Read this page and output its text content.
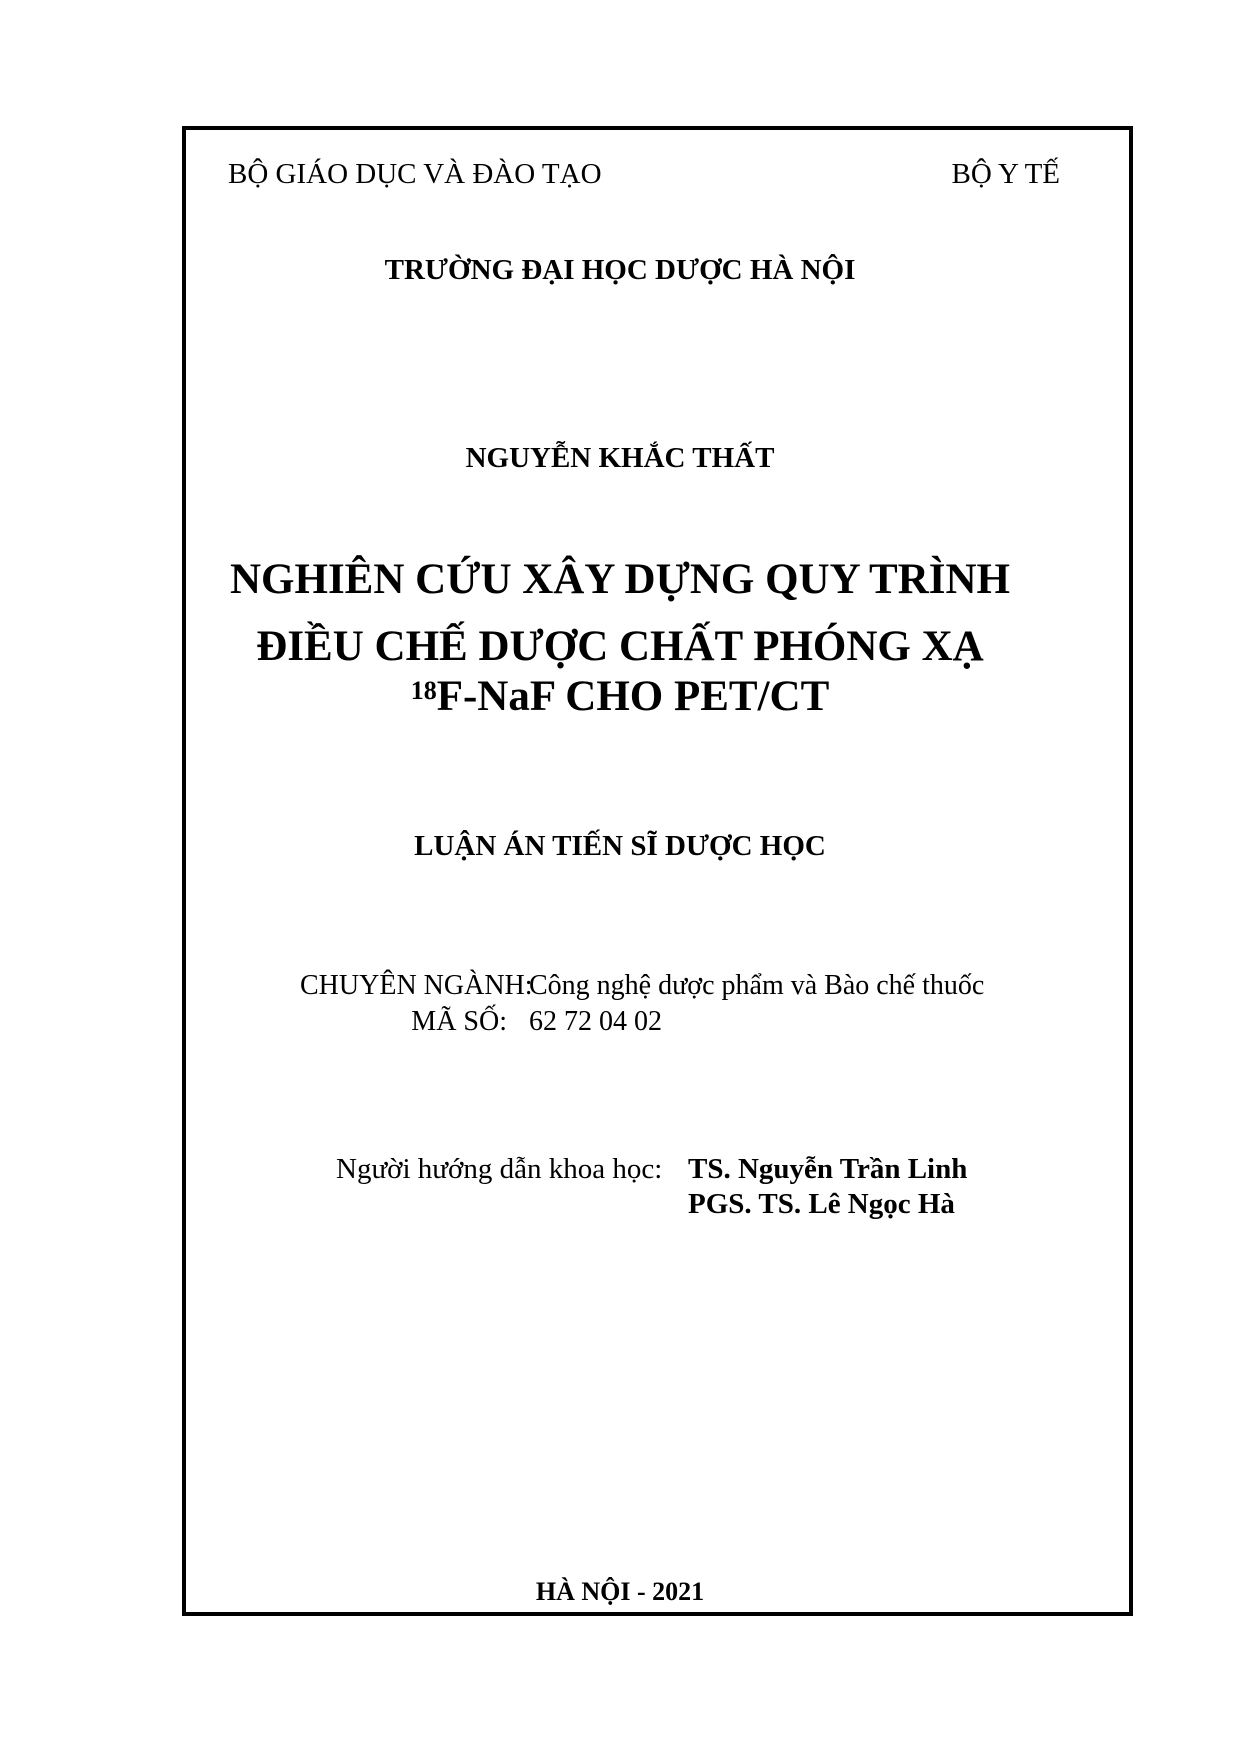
BỘ GIÁO DỤC VÀ ĐÀO TẠO	BỘ Y TẾ
TRƯỜNG ĐẠI HỌC DƯỢC HÀ NỘI
NGUYỄN KHẮC THẤT
NGHIÊN CỨU XÂY DỰNG QUY TRÌNH
ĐIỀU CHẾ DƯỢC CHẤT PHÓNG XẠ
$^{18}$F-NaF CHO PET/CT
LUẬN ÁN TIẾN SĨ DƯỢC HỌC
CHUYÊN NGÀNH:
Công nghệ dược phẩm và Bào chế thuốc
MÃ SỐ: 62 72 04 02
Người hướng dẫn khoa học: TS. Nguyễn Trần Linh
PGS. TS. Lê Ngọc Hà
HÀ NỘI - 2021
